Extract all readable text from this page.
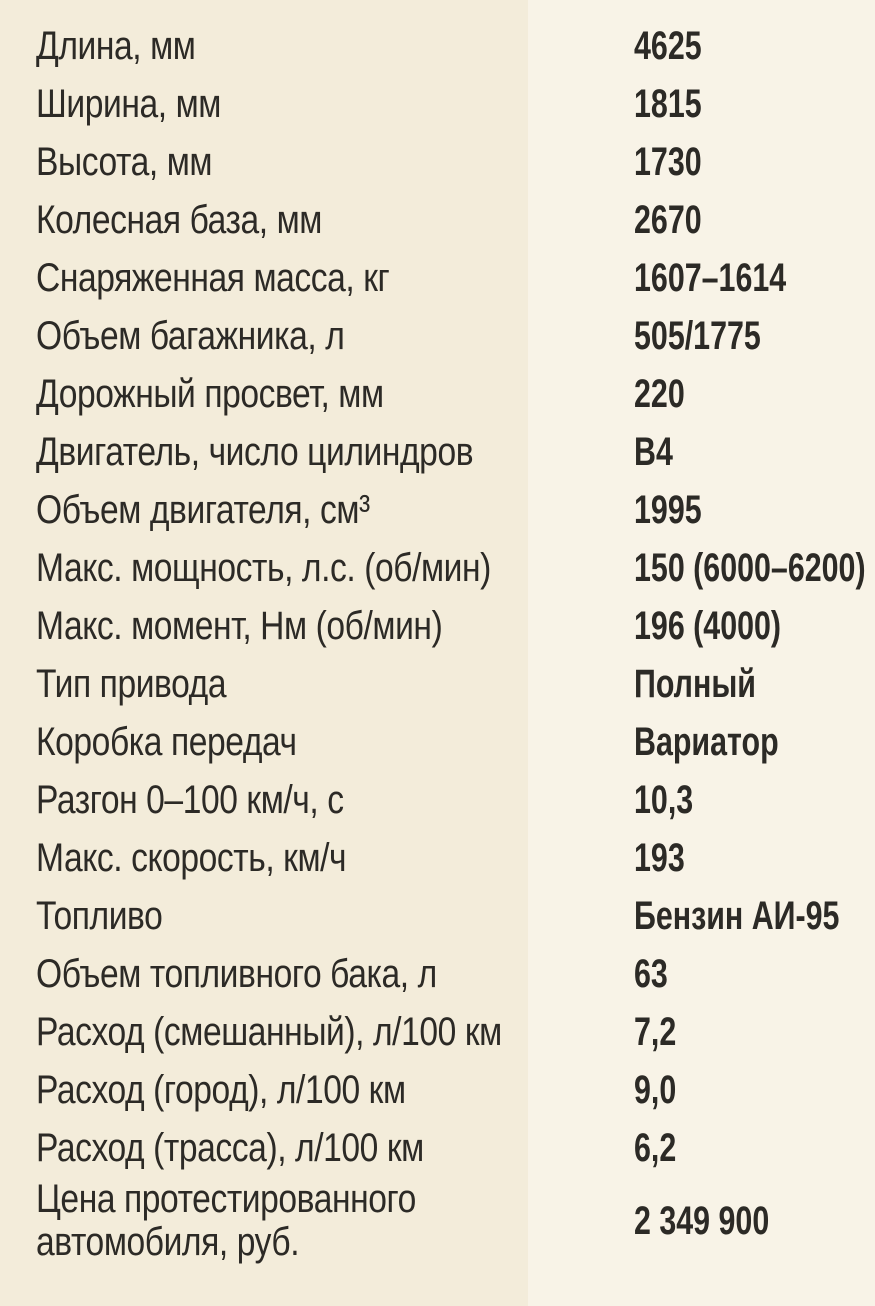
Длина, мм	4625
Ширина, мм	1815
Высота, мм	1730
Колесная база, мм	2670
Снаряженная масса, кг	1607–1614
Объем багажника, л	505/1775
Дорожный просвет, мм	220
Двигатель, число цилиндров	В4
Объем двигателя, см³	1995
Макс. мощность, л.с. (об/мин)	150 (6000–6200)
Макс. момент, Нм (об/мин)	196 (4000)
Тип привода	Полный
Коробка передач	Вариатор
Разгон 0–100 км/ч, с	10,3
Макс. скорость, км/ч	193
Топливо	Бензин АИ-95
Объем топливного бака, л	63
Расход (смешанный), л/100 км	7,2
Расход (город), л/100 км	9,0
Расход (трасса), л/100 км	6,2
Цена протестированного автомобиля, руб.	2 349 900
